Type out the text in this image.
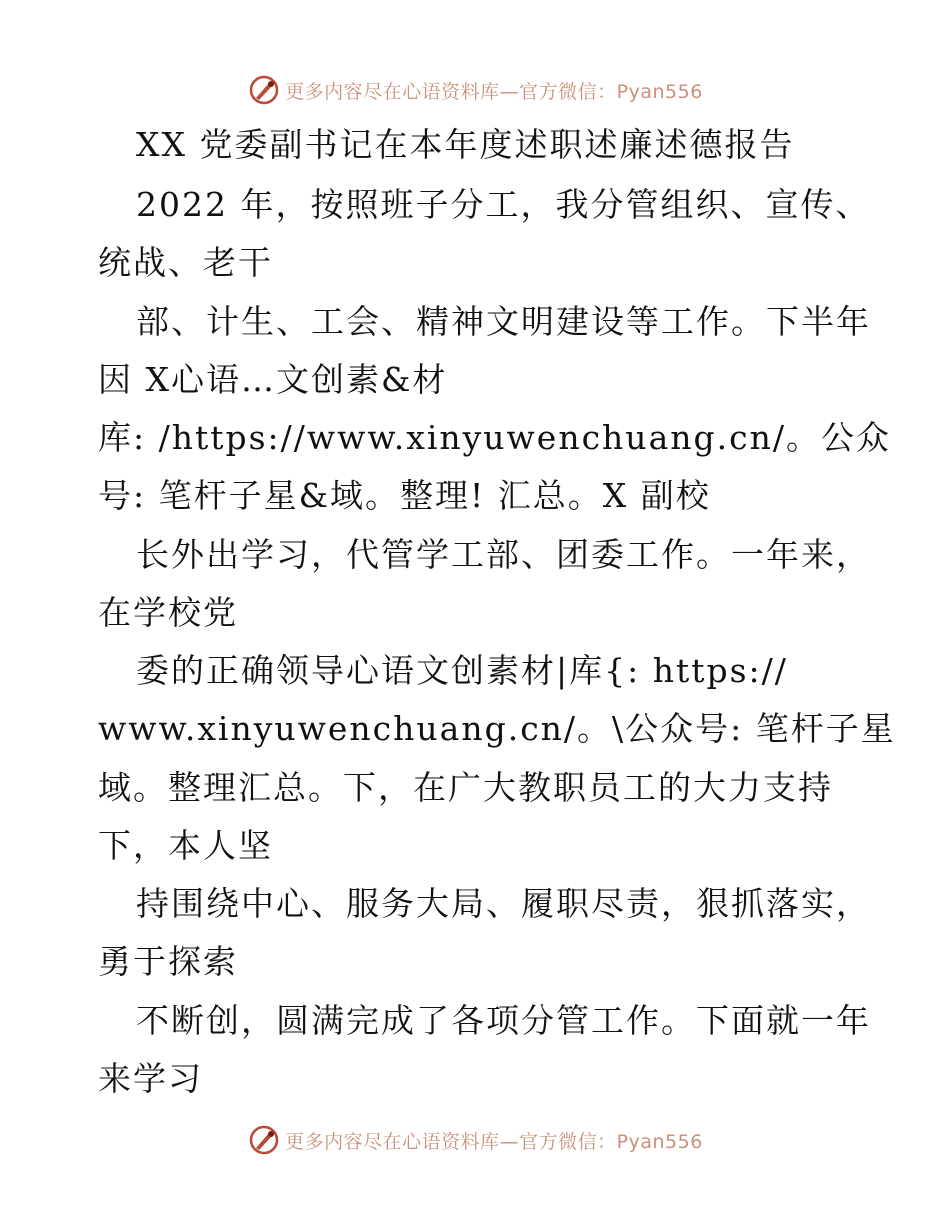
更多内容尽在心语资料库—官方微信：Pyan556
XX 党委副书记在本年度述职述廉述德报告
2022 年，按照班子分工，我分管组织、宣传、
统战、老干
部、计生、工会、精神文明建设等工作。下半年
因 X心语…文创素&材
库: /https://www.xinyuwenchuang.cn/。公众
号: 笔杆子星&域。整理! 汇总。X 副校
长外出学习，代管学工部、团委工作。一年来，
在学校党
委的正确领导心语文创素材|库{: https://
www.xinyuwenchuang.cn/。\公众号: 笔杆子星
域。整理汇总。下，在广大教职员工的大力支持
下，本人坚
持围绕中心、服务大局、履职尽责，狠抓落实，
勇于探索
不断创，圆满完成了各项分管工作。下面就一年
来学习
更多内容尽在心语资料库—官方微信：Pyan556
